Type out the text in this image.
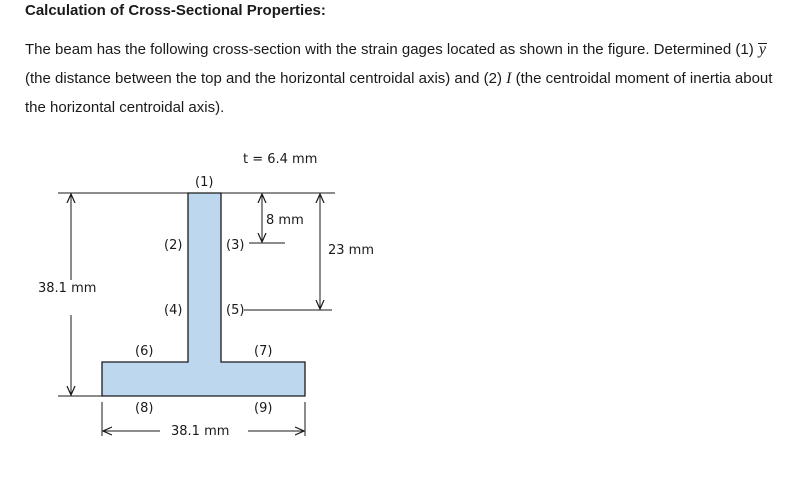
Calculation of Cross-Sectional Properties:

The beam has the following cross-section with the strain gages located as shown in the figure. Determined (1) y (the distance between the top and the horizontal centroidal axis) and (2) I (the centroidal moment of inertia about the horizontal centroidal axis).

38.1 mm
23 mm
8 mm
t = 6.4 mm
(1)
(2)	(3)
(4)	(5)
(6)	(7)
(8)	(9)
38.1 mm
